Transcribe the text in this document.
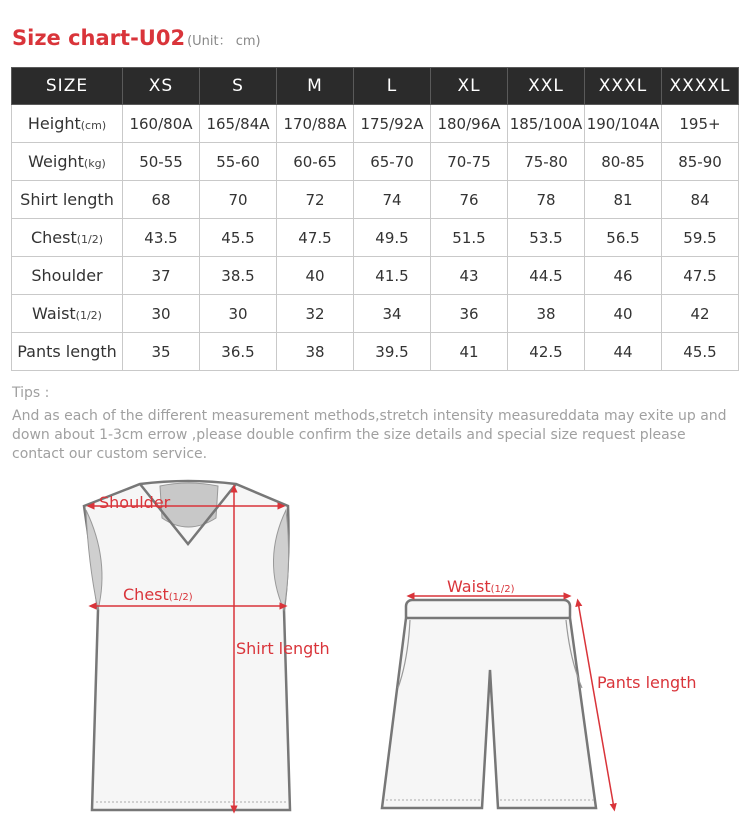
Size chart-U02 (Unit： cm)
SIZE	XS	S	M	L	XL	XXL	XXXL	XXXXL
Height(cm)	160/80A	165/84A	170/88A	175/92A	180/96A	185/100A	190/104A	195+
Weight(kg)	50-55	55-60	60-65	65-70	70-75	75-80	80-85	85-90
Shirt length	68	70	72	74	76	78	81	84
Chest(1/2)	43.5	45.5	47.5	49.5	51.5	53.5	56.5	59.5
Shoulder	37	38.5	40	41.5	43	44.5	46	47.5
Waist(1/2)	30	30	32	34	36	38	40	42
Pants length	35	36.5	38	39.5	41	42.5	44	45.5

Tips :

And as each of the different measurement methods,stretch intensity measureddata may exite up and down about 1-3cm errow ,please double confirm the size details and special size request please contact our custom service.

Shoulder
Chest(1/2)
Shirt length
Waist(1/2)
Pants length
